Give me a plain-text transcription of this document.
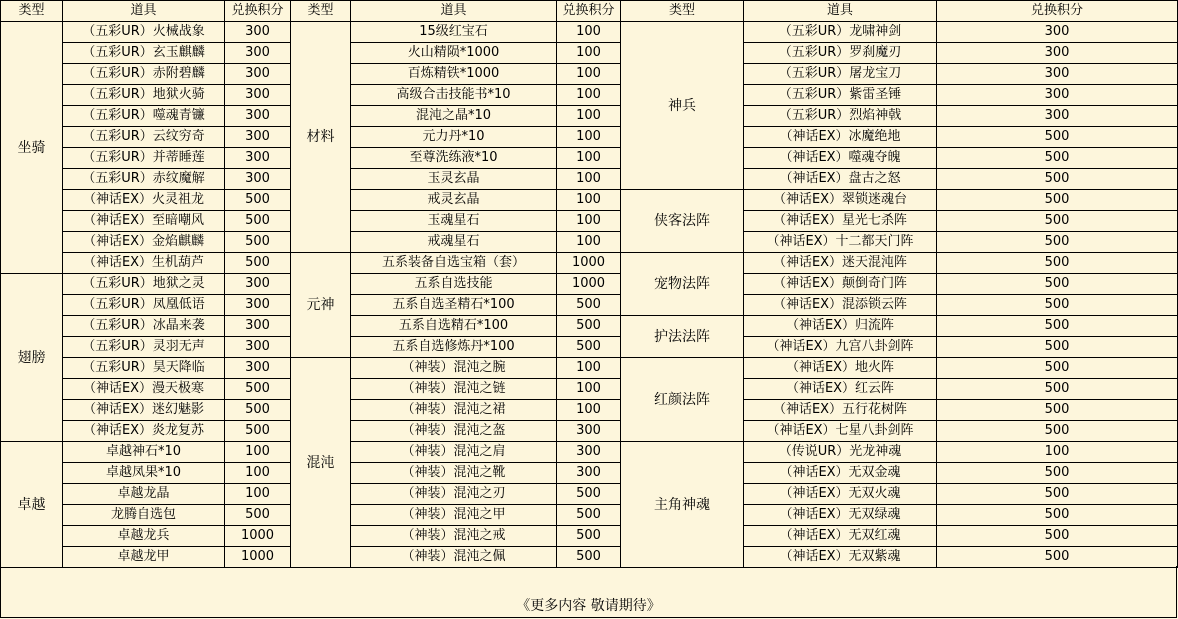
类型	道具	兑换积分	类型	道具	兑换积分	类型	道具	兑换积分
坐骑	（五彩UR）火械战象	300	材料	15级红宝石	100	神兵	（五彩UR）龙啸神剑	300
	（五彩UR）玄玉麒麟	300		火山精陨*1000	100		（五彩UR）罗刹魔刃	300
	（五彩UR）赤附碧麟	300		百炼精铁*1000	100		（五彩UR）屠龙宝刀	300
	（五彩UR）地狱火骑	300		高级合击技能书*10	100		（五彩UR）紫雷圣锤	300
	（五彩UR）噬魂青镰	300		混沌之晶*10	100		（五彩UR）烈焰神戟	300
	（五彩UR）云纹穷奇	300		元力丹*10	100		（神话EX）冰魔绝地	500
	（五彩UR）并蒂睡莲	300		至尊洗练液*10	100		（神话EX）噬魂夺魄	500
	（五彩UR）赤纹魔解	300		玉灵玄晶	100		（神话EX）盘古之怒	500
	（神话EX）火灵祖龙	500		戒灵玄晶	100	侠客法阵	（神话EX）翠锁迷魂台	500
	（神话EX）至暗嘲风	500		玉魂星石	100		（神话EX）星光七杀阵	500
	（神话EX）金焰麒麟	500		戒魂星石	100		（神话EX）十二都天门阵	500
	（神话EX）生机葫芦	500	元神	五系装备自选宝箱（套）	1000	宠物法阵	（神话EX）迷天混沌阵	500
翅膀	（五彩UR）地狱之灵	300		五系自选技能	1000		（神话EX）颠倒奇门阵	500
	（五彩UR）凤凰低语	300		五系自选圣精石*100	500		（神话EX）混添锁云阵	500
	（五彩UR）冰晶来袭	300		五系自选精石*100	500	护法法阵	（神话EX）归流阵	500
	（五彩UR）灵羽无声	300		五系自选修炼丹*100	500		（神话EX）九宫八卦剑阵	500
	（五彩UR）昊天降临	300	混沌	（神装）混沌之腕	100	红颜法阵	（神话EX）地火阵	500
	（神话EX）漫天极寒	500		（神装）混沌之链	100		（神话EX）红云阵	500
	（神话EX）迷幻魅影	500		（神装）混沌之裙	100		（神话EX）五行花树阵	500
	（神话EX）炎龙复苏	500		（神装）混沌之盔	300		（神话EX）七星八卦剑阵	500
卓越	卓越神石*10	100		（神装）混沌之肩	300	主角神魂	（传说UR）光龙神魂	100
	卓越凤果*10	100		（神装）混沌之靴	300		（神话EX）无双金魂	500
	卓越龙晶	100		（神装）混沌之刃	500		（神话EX）无双火魂	500
	龙腾自选包	500		（神装）混沌之甲	500		（神话EX）无双绿魂	500
	卓越龙兵	1000		（神装）混沌之戒	500		（神话EX）无双红魂	500
	卓越龙甲	1000		（神装）混沌之佩	500		（神话EX）无双紫魂	500
《更多内容 敬请期待》
